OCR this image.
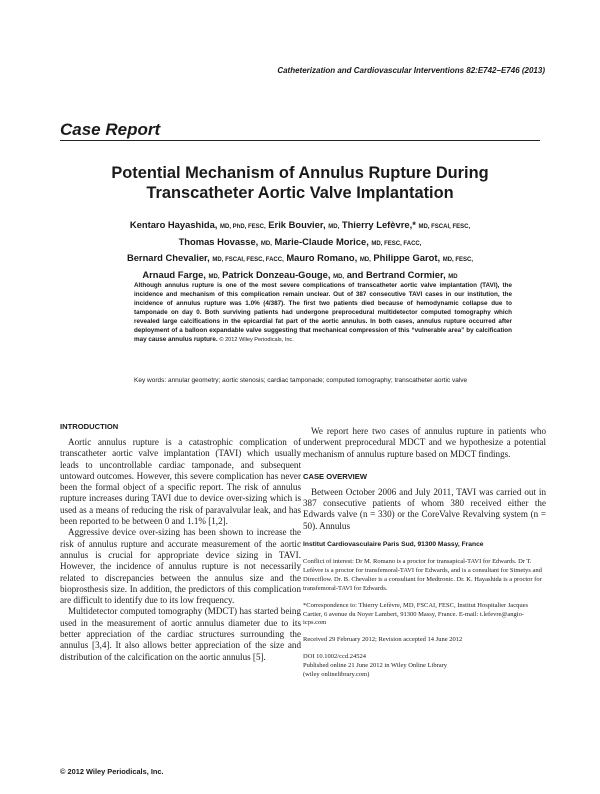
Catheterization and Cardiovascular Interventions 82:E742–E746 (2013)
Case Report
Potential Mechanism of Annulus Rupture During
Transcatheter Aortic Valve Implantation
Kentaro Hayashida, MD, PhD, FESC, Erik Bouvier, MD, Thierry Lefèvre,* MD, FSCAI, FESC,
Thomas Hovasse, MD, Marie-Claude Morice, MD, FESC, FACC,
Bernard Chevalier, MD, FSCAI, FESC, FACC, Mauro Romano, MD, Philippe Garot, MD, FESC,
Arnaud Farge, MD, Patrick Donzeau-Gouge, MD, and Bertrand Cormier, MD
Although annulus rupture is one of the most severe complications of transcatheter aortic valve implantation (TAVI), the incidence and mechanism of this complication remain unclear. Out of 387 consecutive TAVI cases in our institution, the incidence of annulus rupture was 1.0% (4/387). The first two patients died because of hemodynamic collapse due to tamponade on day 0. Both surviving patients had undergone preprocedural multidetector computed tomography which revealed large calcifications in the epicardial fat part of the aortic annulus. In both cases, annulus rupture occurred after deployment of a balloon expandable valve suggesting that mechanical compression of this “vulnerable area” by calcification may cause annulus rupture. © 2012 Wiley Periodicals, Inc.
Key words: annular geometry; aortic stenosis; cardiac tamponade; computed tomography; transcatheter aortic valve
INTRODUCTION

Aortic annulus rupture is a catastrophic complication of transcatheter aortic valve implantation (TAVI) which usually leads to uncontrollable cardiac tamponade, and subsequent untoward outcomes. However, this severe complication has never been the formal object of a specific report. The risk of annulus rupture increases during TAVI due to device over-sizing which is used as a means of reducing the risk of paravalvular leak, and has been reported to be between 0 and 1.1% [1,2].

Aggressive device over-sizing has been shown to increase the risk of annulus rupture and accurate measurement of the aortic annulus is crucial for appropriate device sizing in TAVI. However, the incidence of annulus rupture is not necessarily related to discrepancies between the annulus size and the bioprosthesis size. In addition, the predictors of this complication are difficult to identify due to its low frequency.

Multidetector computed tomography (MDCT) has started being used in the measurement of aortic annulus diameter due to its better appreciation of the cardiac structures surrounding the annulus [3,4]. It also allows better appreciation of the size and distribution of the calcification on the aortic annulus [5].

We report here two cases of annulus rupture in patients who underwent preprocedural MDCT and we hypothesize a potential mechanism of annulus rupture based on MDCT findings.

CASE OVERVIEW

Between October 2006 and July 2011, TAVI was carried out in 387 consecutive patients of whom 380 received either the Edwards valve (n = 330) or the CoreValve Revalving system (n = 50). Annulus

Institut Cardiovasculaire Paris Sud, 91300 Massy, France

Conflict of interest: Dr M. Romano is a proctor for transapical-TAVI for Edwards. Dr T. Lefèvre is a proctor for transfemoral-TAVI for Edwards, and is a consultant for Simetys and Directflow. Dr. B. Chevalier is a consultant for Medtronic. Dr. K. Hayashida is a proctor for transfemoral-TAVI for Edwards.

*Correspondence to: Thierry Lefèvre, MD, FSCAI, FESC, Institut Hospitalier Jacques Cartier, 6 avenue du Noyer Lambert, 91300 Massy, France. E-mail: t.lefevre@angio-icps.com

Received 29 February 2012; Revision accepted 14 June 2012

DOI 10.1002/ccd.24524

Published online 21 June 2012 in Wiley Online Library

(wiley onlinelibrary.com)

© 2012 Wiley Periodicals, Inc.
